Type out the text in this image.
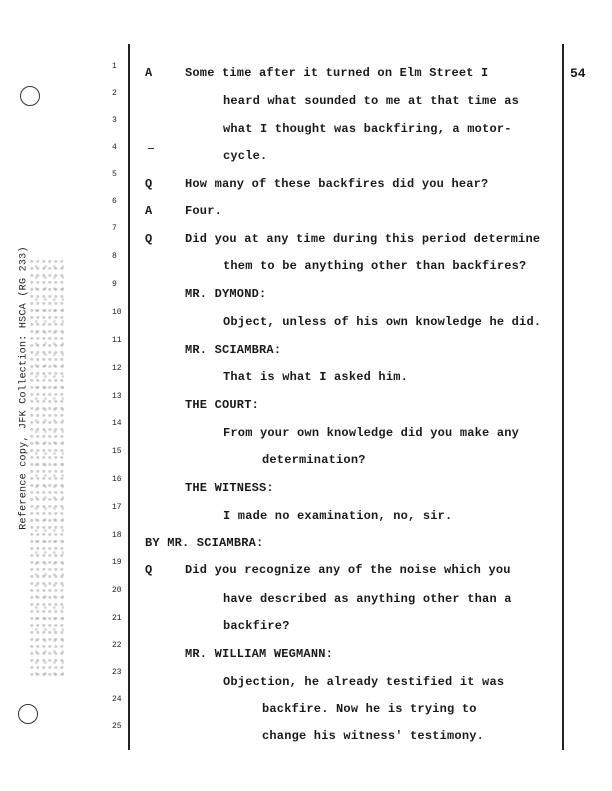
Reference copy, JFK Collection: HSCA (RG 233)
54
1
2
3
4
5
6
7
8
9
10
11
12
13
14
15
16
17
18
19
20
21
22
23
24
25
A
Q
A
Q
Q
Some time after it turned on Elm Street I
heard what sounded to me at that time as
what I thought was backfiring, a motor-
cycle.
How many of these backfires did you hear?
Four.
Did you at any time during this period determine
them to be anything other than backfires?
MR. DYMOND:
Object, unless of his own knowledge he did.
MR. SCIAMBRA:
That is what I asked him.
THE COURT:
From your own knowledge did you make any
determination?
THE WITNESS:
I made no examination, no, sir.
BY MR. SCIAMBRA:
Did you recognize any of the noise which you
have described as anything other than a
backfire?
MR. WILLIAM WEGMANN:
Objection, he already testified it was
backfire. Now he is trying to
change his witness' testimony.
